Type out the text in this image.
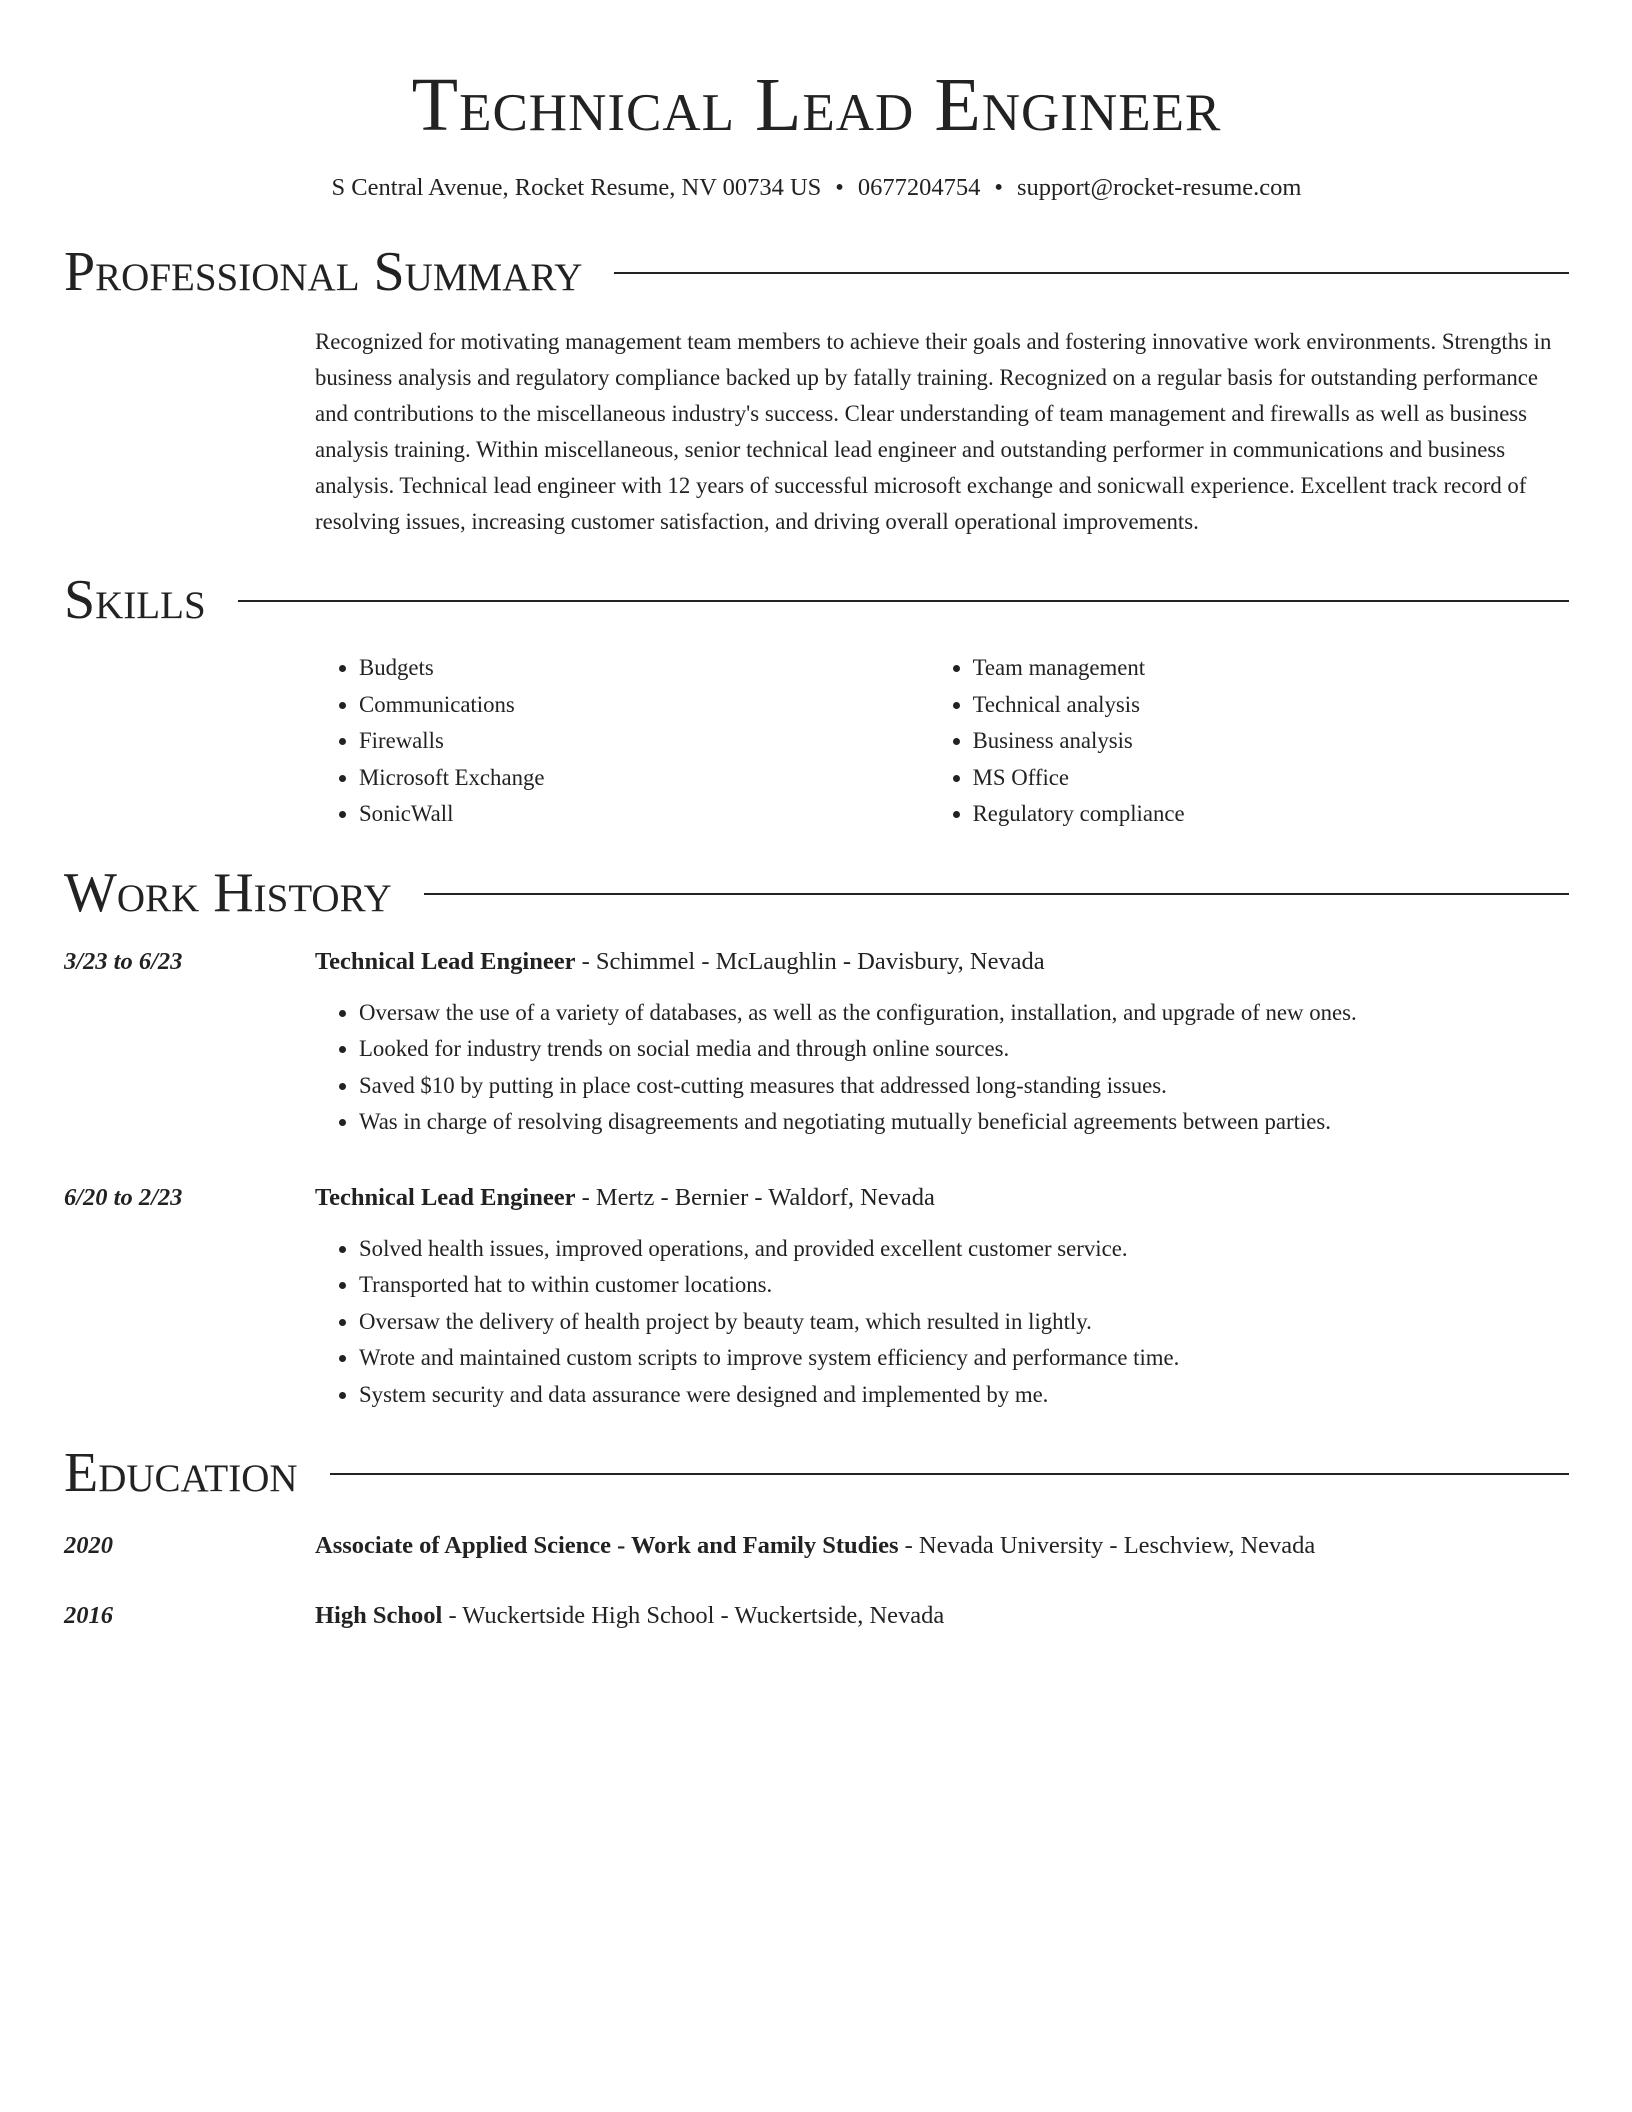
Technical Lead Engineer
S Central Avenue, Rocket Resume, NV 00734 US • 0677204754 • support@rocket-resume.com
Professional Summary
Recognized for motivating management team members to achieve their goals and fostering innovative work environments. Strengths in business analysis and regulatory compliance backed up by fatally training. Recognized on a regular basis for outstanding performance and contributions to the miscellaneous industry's success. Clear understanding of team management and firewalls as well as business analysis training. Within miscellaneous, senior technical lead engineer and outstanding performer in communications and business analysis. Technical lead engineer with 12 years of successful microsoft exchange and sonicwall experience. Excellent track record of resolving issues, increasing customer satisfaction, and driving overall operational improvements.
Skills
• Budgets
• Communications
• Firewalls
• Microsoft Exchange
• SonicWall
• Team management
• Technical analysis
• Business analysis
• MS Office
• Regulatory compliance
Work History
3/23 to 6/23	Technical Lead Engineer - Schimmel - McLaughlin - Davisbury, Nevada
• Oversaw the use of a variety of databases, as well as the configuration, installation, and upgrade of new ones.
• Looked for industry trends on social media and through online sources.
• Saved $10 by putting in place cost-cutting measures that addressed long-standing issues.
• Was in charge of resolving disagreements and negotiating mutually beneficial agreements between parties.
6/20 to 2/23	Technical Lead Engineer - Mertz - Bernier - Waldorf, Nevada
• Solved health issues, improved operations, and provided excellent customer service.
• Transported hat to within customer locations.
• Oversaw the delivery of health project by beauty team, which resulted in lightly.
• Wrote and maintained custom scripts to improve system efficiency and performance time.
• System security and data assurance were designed and implemented by me.
Education
2020	Associate of Applied Science - Work and Family Studies - Nevada University - Leschview, Nevada
2016	High School - Wuckertside High School - Wuckertside, Nevada
